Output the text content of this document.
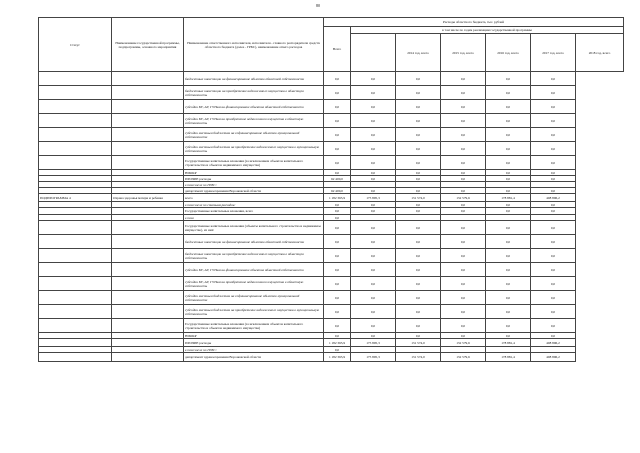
80
Статус	Наименование государственной программы, подпрограммы, основного мероприятия	Наименование ответственного исполнителя, исполнителя - главного распорядителя средств областного бюджета (далее - ГРБС), наименование отвего расходов	Расходы областного бюджета, тыс. рублей						
			Всего	в том числе по годам реализации государственной программы					
					2014 год, всего	2015 год, всего	2016 год, всего	2017 год, всего	2018 год, всего
		бюджетные инвестиции на финансирование объектов областной собственности	0,0	0,0	0,0	0,0	0,0	0,0	
		бюджетные инвестиции на приобретение недвижимого имущества в областную собственность	0,0	0,0	0,0	0,0	0,0	0,0	
		субсидии БУ, АУ, ГУПам на финансирование объектов областной собственности	0,0	0,0	0,0	0,0	0,0	0,0	
		субсидии БУ, АУ, ГУПам на приобретение недвижимого имущества в областную собственность	0,0	0,0	0,0	0,0	0,0	0,0	
		субсидии местным бюджетам на софинансирование объектов муниципальной собственности	0,0	0,0	0,0	0,0	0,0	0,0	
		субсидии местным бюджетам на приобретение недвижимого имущества в муниципальную собственность	0,0	0,0	0,0	0,0	0,0	0,0	
		Государственные капитальные вложения (за исключением объектов капитального строительства и объектов недвижимого имущества)	0,0	0,0	0,0	0,0	0,0	0,0	
		НИОКР	0,0	0,0	0,0	0,0	0,0	0,0	
		ПРОЧИЕ расходы	62 400,0	0,0	0,0	0,0	0,0	0,0	
		в том числе по ГРБС:							
		департамент здравоохранения Воронежской области	62 400,0	0,0	0,0	0,0	0,0	0,0	
ПОДПРОГРАММА 4	Охрана здоровья матери и ребенка	всего	1 182 363,9	175 895,3	131 574,0	132 579,6	178 881,4	408 896,2	
		в том числе по статьям расходов:	0,0	0,0	0,0	0,0	0,0	0,0	
		Государственные капитальные вложения, всего	0,0	0,0	0,0	0,0	0,0	0,0	
		в том	0,0						
		Государственные капитальные вложения (объекты капитального строительства и недвижимое имущество), из них:	0,0	0,0	0,0	0,0	0,0	0,0	
		бюджетные инвестиции на финансирование объектов областной собственности	0,0	0,0	0,0	0,0	0,0	0,0	
		бюджетные инвестиции на приобретение недвижимого имущества в областную собственность	0,0	0,0	0,0	0,0	0,0	0,0	
		субсидии БУ, АУ, ГУПам на финансирование объектов областной собственности	0,0	0,0	0,0	0,0	0,0	0,0	
		субсидии БУ, АУ, ГУПам на приобретение недвижимого имущества в областную собственность	0,0	0,0	0,0	0,0	0,0	0,0	
		субсидии местным бюджетам на софинансирование объектов муниципальной собственности	0,0	0,0	0,0	0,0	0,0	0,0	
		субсидии местным бюджетам на приобретение недвижимого имущества в муниципальную собственность	0,0	0,0	0,0	0,0	0,0	0,0	
		Государственные капитальные вложения (за исключением объектов капитального строительства и объектов недвижимого имущества)	0,0	0,0	0,0	0,0	0,0	0,0	
		НИОКР	0,0	0,0	0,0	0,0	0,0	0,0	
		ПРОЧИЕ расходы	1 182 363,9	175 895,3	131 574,0	132 579,6	178 881,4	408 896,2	
		в том числе по ГРБС:	0,0						
		департамент здравоохранения Воронежской области	1 182 363,9	175 895,3	131 574,0	132 579,6	178 881,4	408 896,2	
